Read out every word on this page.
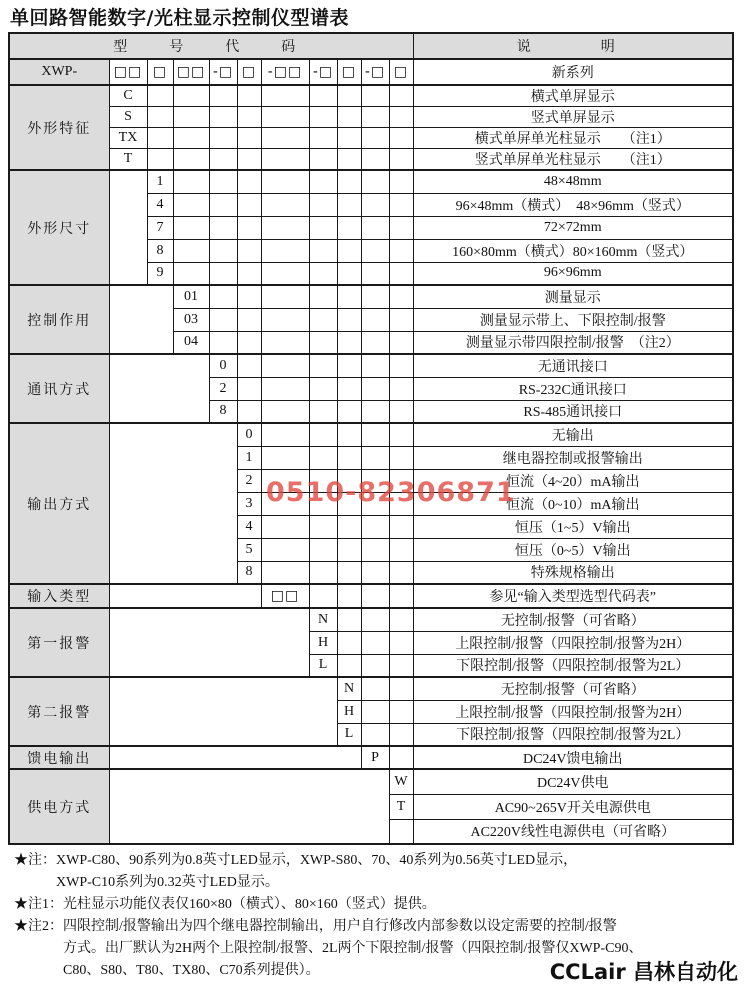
单回路智能数字/光柱显示控制仪型谱表
型　号　代　码											说　　明
XWP-	□□	□	□□	-□	□	-□□	-□	□	-□	□	新系列
外形特征	C										横式单屏显示
	S										竖式单屏显示
	TX										横式单屏单光柱显示　　（注1）
	T										竖式单屏单光柱显示　　（注1）
外形尺寸		1									48×48mm
		4									96×48mm（横式）　48×96mm（竖式）
		7									72×72mm
		8									160×80mm（横式）80×160mm（竖式）
		9									96×96mm
控制作用			01								测量显示
			03								测量显示带上、下限控制/报警
			04								测量显示带四限控制/报警　（注2）
通讯方式				0							无通讯接口
				2							RS-232C通讯接口
				8							RS-485通讯接口
输出方式					0						无输出
					1						继电器控制或报警输出
					2						恒流（4~20）mA输出
					3						恒流（0~10）mA输出
					4						恒压（1~5）V输出
					5						恒压（0~5）V输出
					8						特殊规格输出
输入类型						□□					参见“输入类型选型代码表”
第一报警							N				无控制/报警（可省略）
							H				上限控制/报警（四限控制/报警为2H）
							L				下限控制/报警（四限控制/报警为2L）
第二报警								N			无控制/报警（可省略）
								H			上限控制/报警（四限控制/报警为2H）
								L			下限控制/报警（四限控制/报警为2L）
馈电输出									P		DC24V馈电输出
供电方式										W	DC24V供电
										T	AC90~265V开关电源供电
											AC220V线性电源供电（可省略）
0510-82306871
★注： XWP-C80、90系列为0.8英寸LED显示，XWP-S80、70、40系列为0.56英寸LED显示，
XWP-C10系列为0.32英寸LED显示。
★注1： 光柱显示功能仪表仅160×80（横式）、80×160（竖式）提供。
★注2： 四限控制/报警输出为四个继电器控制输出，用户自行修改内部参数以设定需要的控制/报警
方式。出厂默认为2H两个上限控制/报警、2L两个下限控制/报警（四限控制/报警仅XWP-C90、
C80、S80、T80、TX80、C70系列提供）。	CCLair 昌林自动化
